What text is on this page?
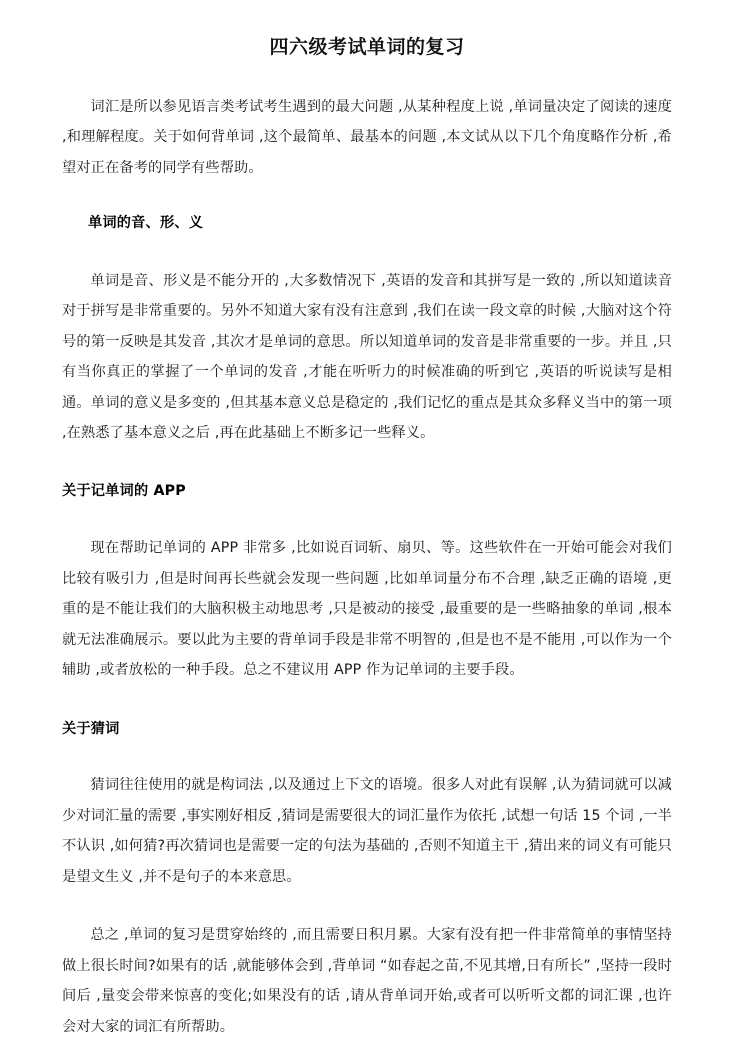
四六级考试单词的复习

词汇是所以参见语言类考试考生遇到的最大问题 ,从某种程度上说 ,单词量决定了阅读的速度 ,和理解程度。关于如何背单词 ,这个最简单、最基本的问题 ,本文试从以下几个角度略作分析 ,希望对正在备考的同学有些帮助。

单词的音、形、义

单词是音、形义是不能分开的 ,大多数情况下 ,英语的发音和其拼写是一致的 ,所以知道读音对于拼写是非常重要的。另外不知道大家有没有注意到 ,我们在读一段文章的时候 ,大脑对这个符号的第一反映是其发音 ,其次才是单词的意思。所以知道单词的发音是非常重要的一步。并且 ,只有当你真正的掌握了一个单词的发音 ,才能在听听力的时候准确的听到它 ,英语的听说读写是相通。单词的意义是多变的 ,但其基本意义总是稳定的 ,我们记忆的重点是其众多释义当中的第一项 ,在熟悉了基本意义之后 ,再在此基础上不断多记一些释义。

关于记单词的 APP

现在帮助记单词的 APP 非常多 ,比如说百词斩、扇贝、等。这些软件在一开始可能会对我们比较有吸引力 ,但是时间再长些就会发现一些问题 ,比如单词量分布不合理 ,缺乏正确的语境 ,更重的是不能让我们的大脑积极主动地思考 ,只是被动的接受 ,最重要的是一些略抽象的单词 ,根本就无法准确展示。要以此为主要的背单词手段是非常不明智的 ,但是也不是不能用 ,可以作为一个辅助 ,或者放松的一种手段。总之不建议用 APP 作为记单词的主要手段。

关于猜词

猜词往往使用的就是构词法 ,以及通过上下文的语境。很多人对此有误解 ,认为猜词就可以减少对词汇量的需要 ,事实刚好相反 ,猜词是需要很大的词汇量作为依托 ,试想一句话 15 个词 ,一半不认识 ,如何猜?再次猜词也是需要一定的句法为基础的 ,否则不知道主干 ,猜出来的词义有可能只是望文生义 ,并不是句子的本来意思。

总之 ,单词的复习是贯穿始终的 ,而且需要日积月累。大家有没有把一件非常简单的事情坚持做上很长时间?如果有的话 ,就能够体会到 ,背单词 “如春起之苗,不见其增,日有所长” ,坚持一段时间后 ,量变会带来惊喜的变化;如果没有的话 ,请从背单词开始,或者可以听听文都的词汇课 ,也许会对大家的词汇有所帮助。
